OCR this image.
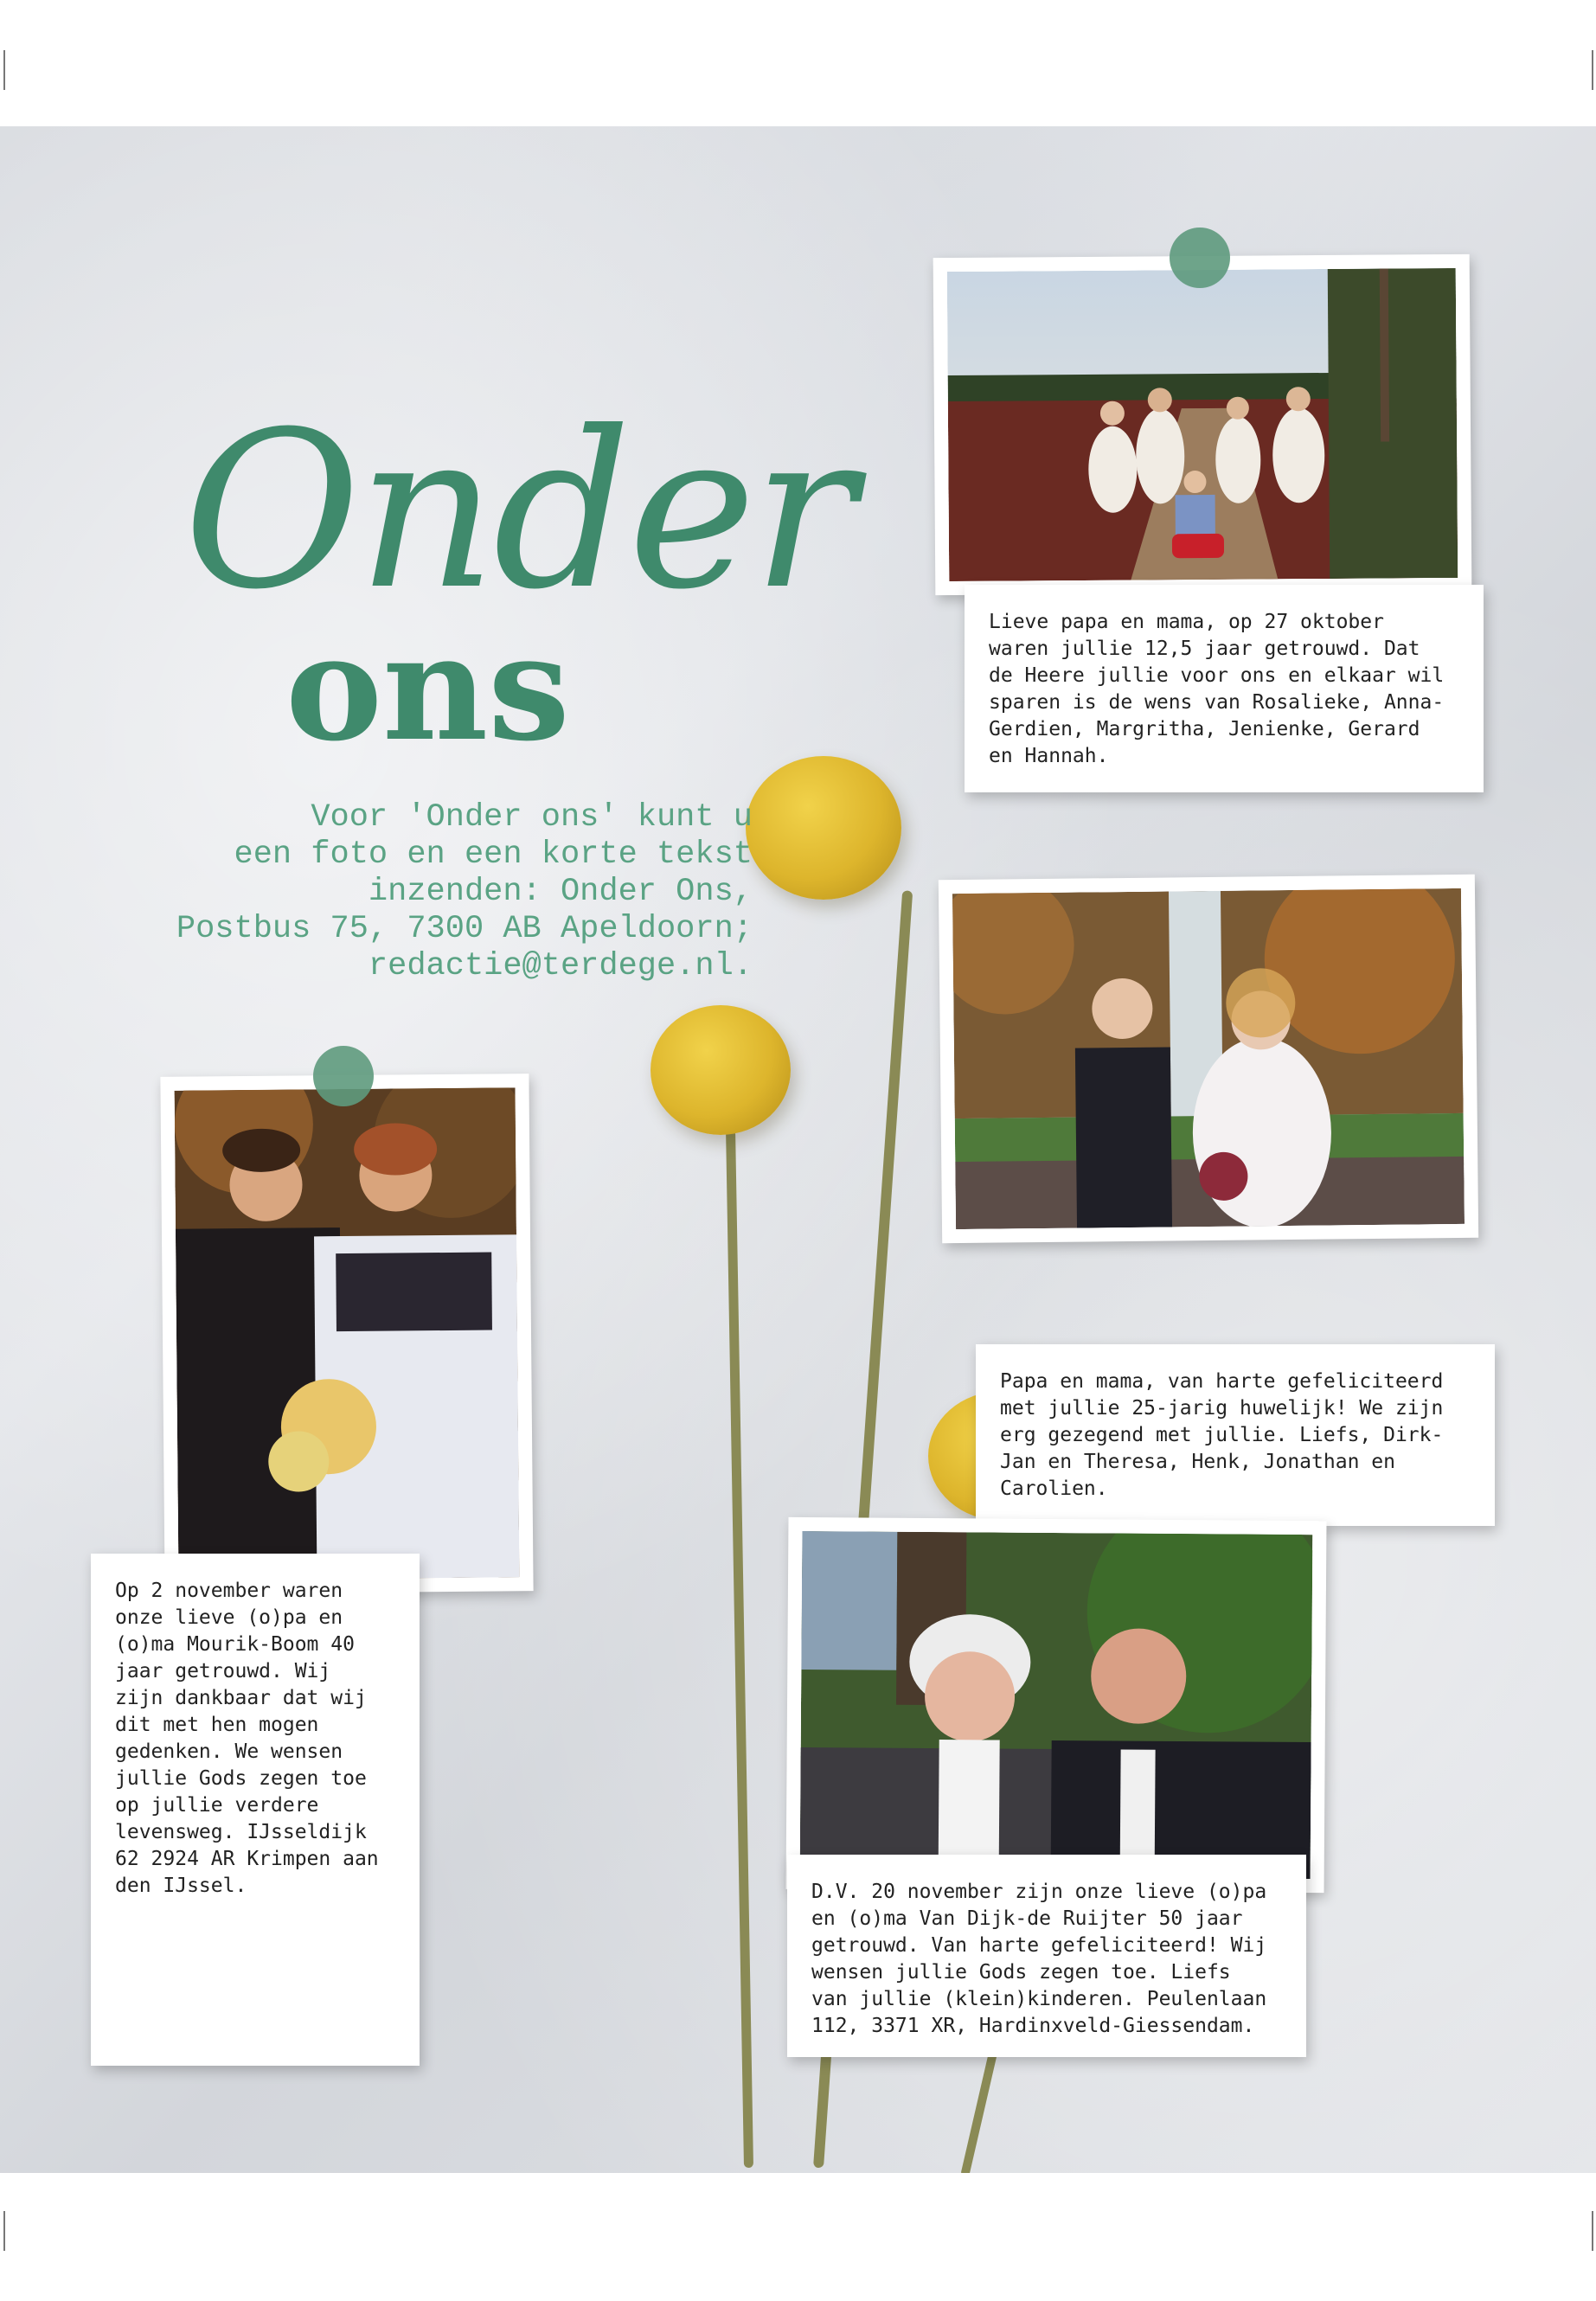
Onder
ons
Voor 'Onder ons' kunt u
een foto en een korte tekst
inzenden: Onder Ons,
Postbus 75, 7300 AB Apeldoorn;
redactie@terdege.nl.
Lieve papa en mama, op 27 oktober
waren jullie 12,5 jaar getrouwd. Dat
de Heere jullie voor ons en elkaar wil
sparen is de wens van Rosalieke, Anna-
Gerdien, Margritha, Jenienke, Gerard
en Hannah.
Papa en mama, van harte gefeliciteerd
met jullie 25-jarig huwelijk! We zijn
erg gezegend met jullie. Liefs, Dirk-
Jan en Theresa, Henk, Jonathan en
Carolien.
Op 2 november waren
onze lieve (o)pa en
(o)ma Mourik-Boom 40
jaar getrouwd. Wij
zijn dankbaar dat wij
dit met hen mogen
gedenken. We wensen
jullie Gods zegen toe
op jullie verdere
levensweg. IJsseldijk
62 2924 AR Krimpen aan
den IJssel.	D.V. 20 november zijn onze lieve (o)pa
en (o)ma Van Dijk-de Ruijter 50 jaar
getrouwd. Van harte gefeliciteerd! Wij
wensen jullie Gods zegen toe. Liefs
van jullie (klein)kinderen. Peulenlaan
112, 3371 XR, Hardinxveld-Giessendam.
